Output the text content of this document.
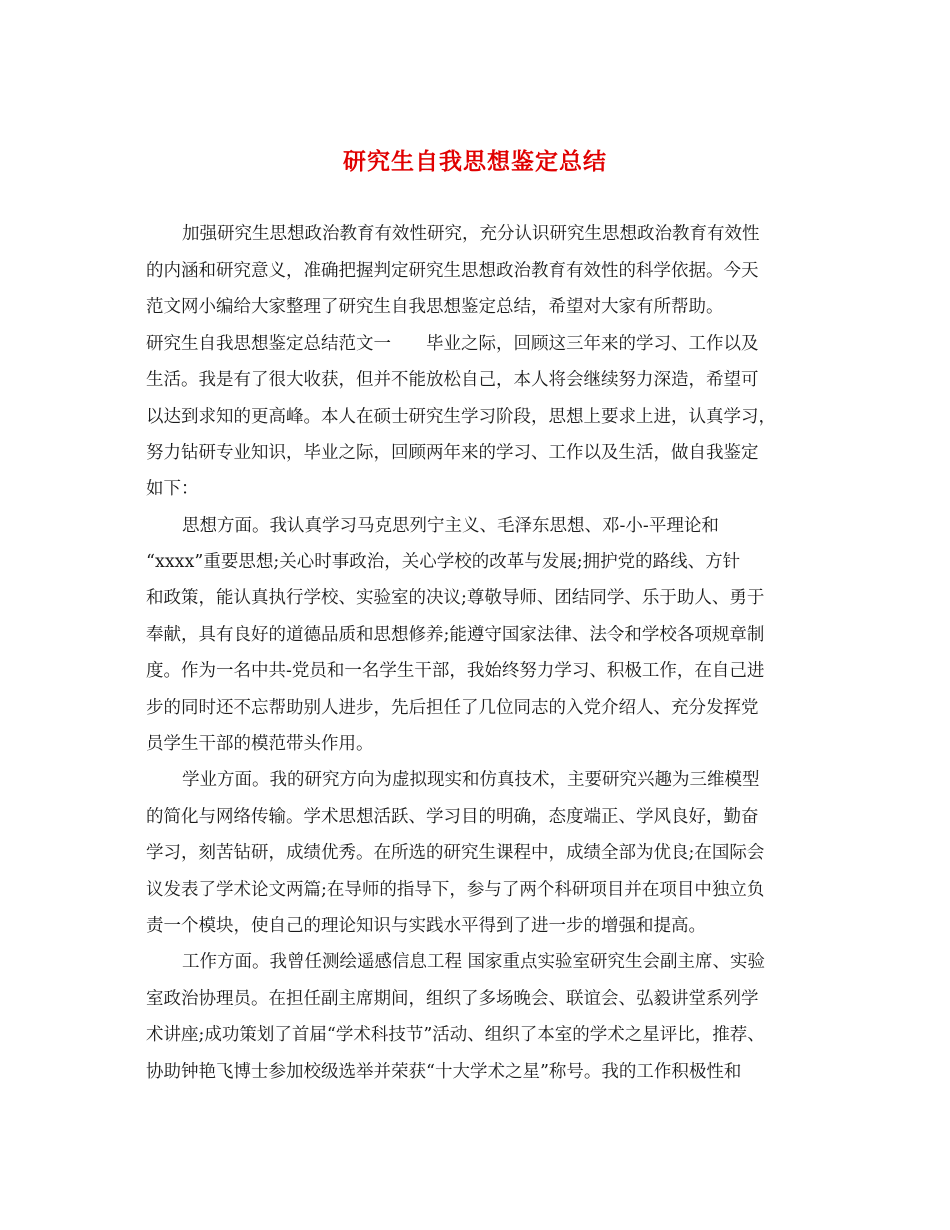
研究生自我思想鉴定总结
加强研究生思想政治教育有效性研究，充分认识研究生思想政治教育有效性
的内涵和研究意义，准确把握判定研究生思想政治教育有效性的科学依据。今天
范文网小编给大家整理了研究生自我思想鉴定总结，希望对大家有所帮助。
研究生自我思想鉴定总结范文一　　毕业之际，回顾这三年来的学习、工作以及
生活。我是有了很大收获，但并不能放松自己，本人将会继续努力深造，希望可
以达到求知的更高峰。本人在硕士研究生学习阶段，思想上要求上进，认真学习，
努力钻研专业知识，毕业之际，回顾两年来的学习、工作以及生活，做自我鉴定
如下：
思想方面。我认真学习马克思列宁主义、毛泽东思想、邓-小-平理论和
“xxxx”重要思想;关心时事政治，关心学校的改革与发展;拥护党的路线、方针
和政策，能认真执行学校、实验室的决议;尊敬导师、团结同学、乐于助人、勇于
奉献，具有良好的道德品质和思想修养;能遵守国家法律、法令和学校各项规章制
度。作为一名中共-党员和一名学生干部，我始终努力学习、积极工作，在自己进
步的同时还不忘帮助别人进步，先后担任了几位同志的入党介绍人、充分发挥党
员学生干部的模范带头作用。
学业方面。我的研究方向为虚拟现实和仿真技术，主要研究兴趣为三维模型
的简化与网络传输。学术思想活跃、学习目的明确，态度端正、学风良好，勤奋
学习，刻苦钻研，成绩优秀。在所选的研究生课程中，成绩全部为优良;在国际会
议发表了学术论文两篇;在导师的指导下，参与了两个科研项目并在项目中独立负
责一个模块，使自己的理论知识与实践水平得到了进一步的增强和提高。
工作方面。我曾任测绘遥感信息工程 国家重点实验室研究生会副主席、实验
室政治协理员。在担任副主席期间，组织了多场晚会、联谊会、弘毅讲堂系列学
术讲座;成功策划了首届“学术科技节”活动、组织了本室的学术之星评比，推荐、
协助钟艳飞博士参加校级选举并荣获“十大学术之星”称号。我的工作积极性和
